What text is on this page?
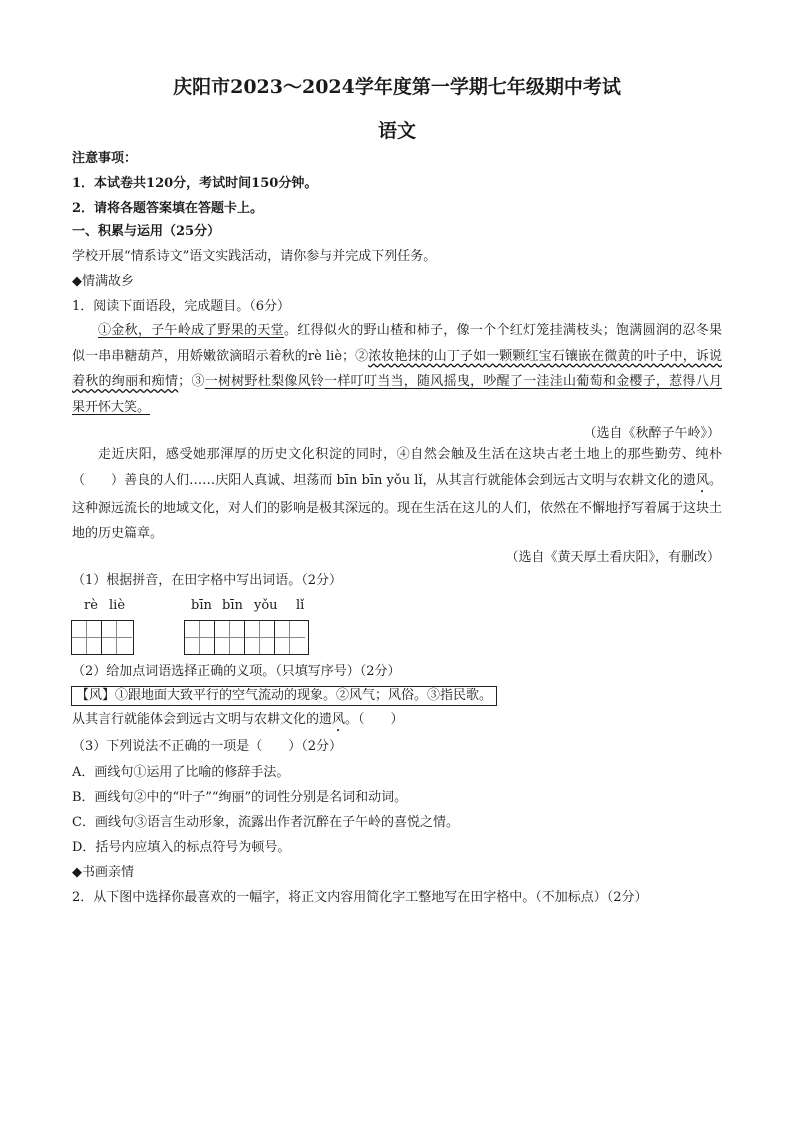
庆阳市2023～2024学年度第一学期七年级期中考试
语文
注意事项：
1．本试卷共120分，考试时间150分钟。
2．请将各题答案填在答题卡上。
一、积累与运用（25分）
学校开展“情系诗文”语文实践活动，请你参与并完成下列任务。
◆情满故乡
1．阅读下面语段，完成题目。（6分）
①金秋，子午岭成了野果的天堂。红得似火的野山楂和柿子，像一个个红灯笼挂满枝头；饱满圆润的忍冬果似一串串糖葫芦，用娇嫩欲滴昭示着秋的rè liè；②浓妆艳抹的山丁子如一颗颗红宝石镶嵌在微黄的叶子中，诉说着秋的绚丽和痴情；③一树树野杜梨像风铃一样叮叮当当，随风摇曳，吵醒了一洼洼山葡萄和金樱子，惹得八月果开怀大笑。
（选自《秋醉子午岭》）
走近庆阳，感受她那渾厚的历史文化积淀的同时，④自然会触及生活在这块古老土地上的那些勤劳、纯朴（　　）善良的人们……庆阳人真诚、坦荡而 bīn bīn yǒu lǐ，从其言行就能体会到远古文明与农耕文化的遗风。这种源远流长的地域文化，对人们的影响是极其深远的。现在生活在这儿的人们，依然在不懈地抒写着属于这块土地的历史篇章。
（选自《黄天厚土看庆阳》，有删改）
（1）根据拼音，在田字格中写出词语。（2分）
rè liè	bīn bīn yǒu lǐ
（2）给加点词语选择正确的义项。（只填写序号）（2分）
【风】①跟地面大致平行的空气流动的现象。②风气；风俗。③指民歌。
从其言行就能体会到远古文明与农耕文化的遗风。（　　）
（3）下列说法不正确的一项是（　　）（2分）
A．画线句①运用了比喻的修辞手法。
B．画线句②中的“叶子”“绚丽”的词性分别是名词和动词。
C．画线句③语言生动形象，流露出作者沉醉在子午岭的喜悦之情。
D．括号内应填入的标点符号为顿号。
◆书画亲情
2．从下图中选择你最喜欢的一幅字，将正文内容用简化字工整地写在田字格中。（不加标点）（2分）
